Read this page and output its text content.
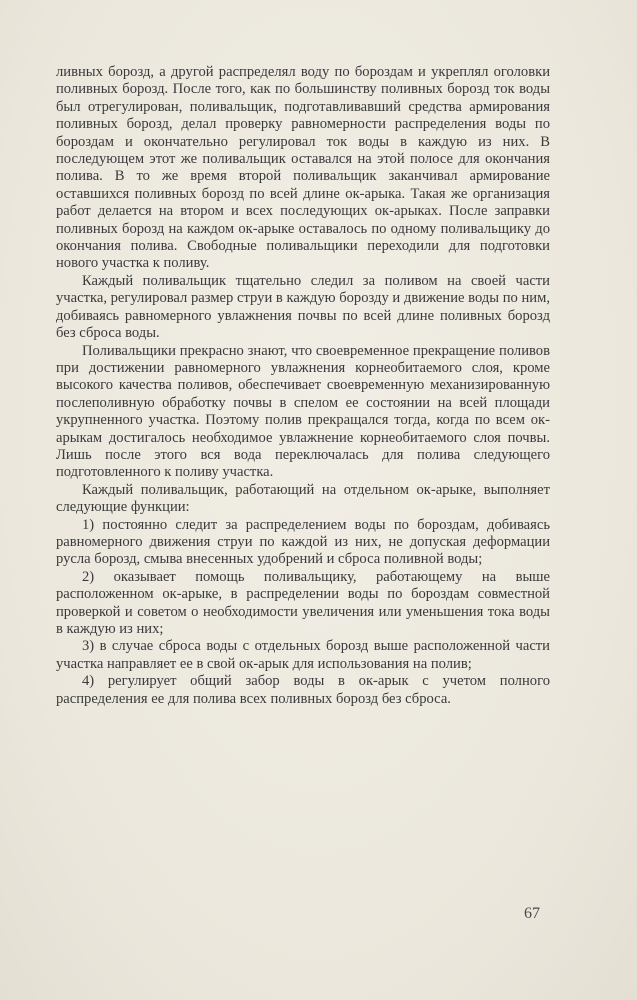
ливных борозд, а другой распределял воду по бороздам и укреплял оголовки поливных борозд. После того, как по большинству поливных борозд ток воды был отрегулирован, поливальщик, подготавливавший средства армирования поливных борозд, делал проверку равномерности распределения воды по бороздам и окончательно регулировал ток воды в каждую из них. В последующем этот же поливальщик оставался на этой полосе для окончания полива. В то же время второй поливальщик заканчивал армирование оставшихся поливных борозд по всей длине ок-арыка. Такая же организация работ делается на втором и всех последующих ок-арыках. После заправки поливных борозд на каждом ок-арыке оставалось по одному поливальщику до окончания полива. Свободные поливальщики переходили для подготовки нового участка к поливу.

Каждый поливальщик тщательно следил за поливом на своей части участка, регулировал размер струи в каждую борозду и движение воды по ним, добиваясь равномерного увлажнения почвы по всей длине поливных борозд без сброса воды.

Поливальщики прекрасно знают, что своевременное прекращение поливов при достижении равномерного увлажнения корнеобитаемого слоя, кроме высокого качества поливов, обеспечивает своевременную механизированную послеполивную обработку почвы в спелом ее состоянии на всей площади укрупненного участка. Поэтому полив прекращался тогда, когда по всем ок-арыкам достигалось необходимое увлажнение корнеобитаемого слоя почвы. Лишь после этого вся вода переключалась для полива следующего подготовленного к поливу участка.

Каждый поливальщик, работающий на отдельном ок-арыке, выполняет следующие функции:

1) постоянно следит за распределением воды по бороздам, добиваясь равномерного движения струи по каждой из них, не допуская деформации русла борозд, смыва внесенных удобрений и сброса поливной воды;

2) оказывает помощь поливальщику, работающему на выше расположенном ок-арыке, в распределении воды по бороздам совместной проверкой и советом о необходимости увеличения или уменьшения тока воды в каждую из них;

3) в случае сброса воды с отдельных борозд выше расположенной части участка направляет ее в свой ок-арык для использования на полив;

4) регулирует общий забор воды в ок-арык с учетом полного распределения ее для полива всех поливных борозд без сброса.

67
